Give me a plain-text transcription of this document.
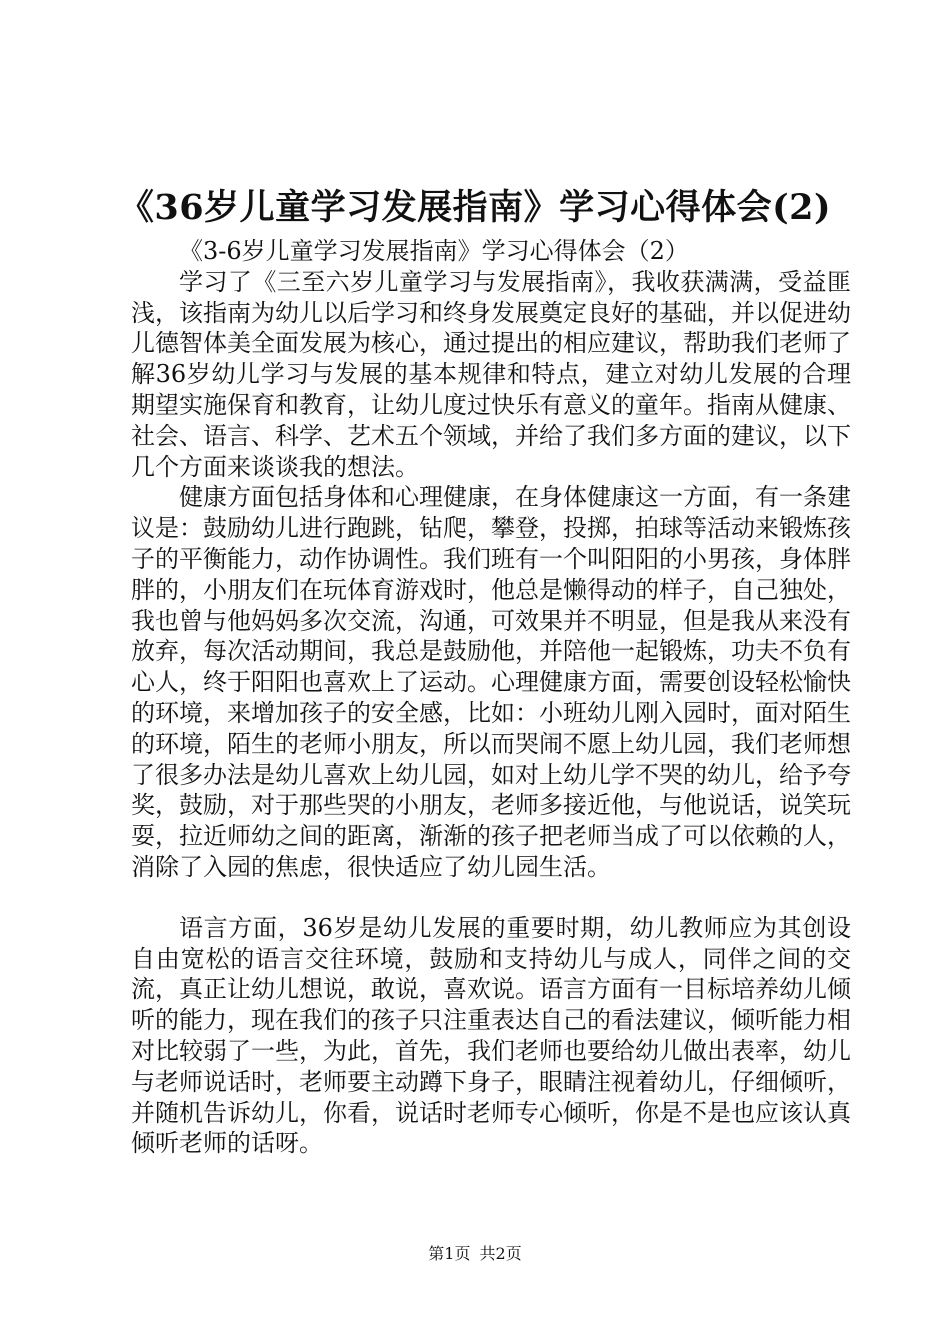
《36岁儿童学习发展指南》学习心得体会(2)

《3-6岁儿童学习发展指南》学习心得体会（2）

学习了《三至六岁儿童学习与发展指南》，我收获满满，受益匪浅，该指南为幼儿以后学习和终身发展奠定良好的基础，并以促进幼儿德智体美全面发展为核心，通过提出的相应建议，帮助我们老师了解36岁幼儿学习与发展的基本规律和特点，建立对幼儿发展的合理期望实施保育和教育，让幼儿度过快乐有意义的童年。指南从健康、社会、语言、科学、艺术五个领域，并给了我们多方面的建议，以下几个方面来谈谈我的想法。

健康方面包括身体和心理健康，在身体健康这一方面，有一条建议是：鼓励幼儿进行跑跳，钻爬，攀登，投掷，拍球等活动来锻炼孩子的平衡能力，动作协调性。我们班有一个叫阳阳的小男孩，身体胖胖的，小朋友们在玩体育游戏时，他总是懒得动的样子，自己独处，我也曾与他妈妈多次交流，沟通，可效果并不明显，但是我从来没有放弃，每次活动期间，我总是鼓励他，并陪他一起锻炼，功夫不负有心人，终于阳阳也喜欢上了运动。心理健康方面，需要创设轻松愉快的环境，来增加孩子的安全感，比如：小班幼儿刚入园时，面对陌生的环境，陌生的老师小朋友，所以而哭闹不愿上幼儿园，我们老师想了很多办法是幼儿喜欢上幼儿园，如对上幼儿学不哭的幼儿，给予夸奖，鼓励，对于那些哭的小朋友，老师多接近他，与他说话，说笑玩耍，拉近师幼之间的距离，渐渐的孩子把老师当成了可以依赖的人，消除了入园的焦虑，很快适应了幼儿园生活。

语言方面，36岁是幼儿发展的重要时期，幼儿教师应为其创设自由宽松的语言交往环境，鼓励和支持幼儿与成人，同伴之间的交流，真正让幼儿想说，敢说，喜欢说。语言方面有一目标培养幼儿倾听的能力，现在我们的孩子只注重表达自己的看法建议，倾听能力相对比较弱了一些，为此，首先，我们老师也要给幼儿做出表率，幼儿与老师说话时，老师要主动蹲下身子，眼睛注视着幼儿，仔细倾听，并随机告诉幼儿，你看，说话时老师专心倾听，你是不是也应该认真倾听老师的话呀。

第1页 共2页
